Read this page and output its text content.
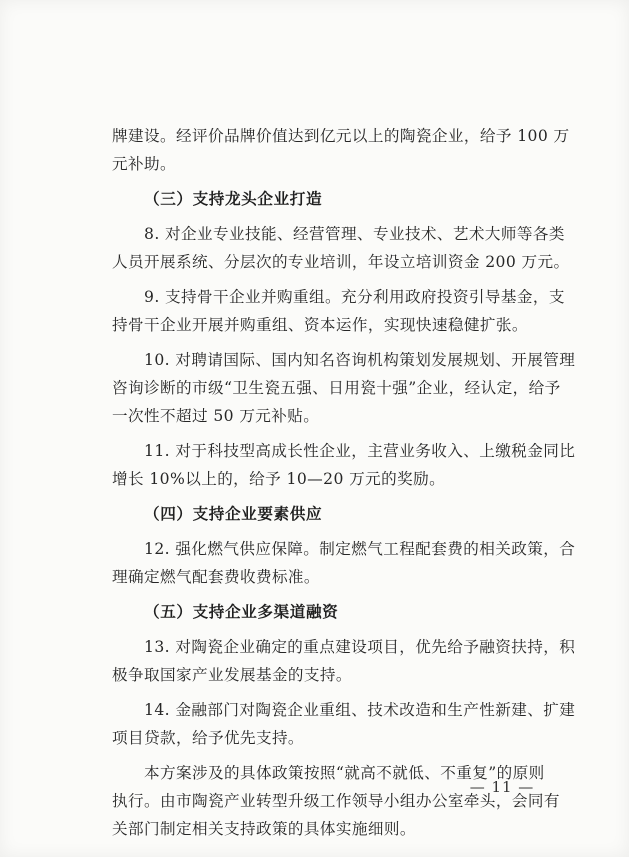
牌建设。经评价品牌价值达到亿元以上的陶瓷企业，给予 100 万
元补助。
（三）支持龙头企业打造
8. 对企业专业技能、经营管理、专业技术、艺术大师等各类
人员开展系统、分层次的专业培训，年设立培训资金 200 万元。
9. 支持骨干企业并购重组。充分利用政府投资引导基金，支
持骨干企业开展并购重组、资本运作，实现快速稳健扩张。
10. 对聘请国际、国内知名咨询机构策划发展规划、开展管理
咨询诊断的市级“卫生瓷五强、日用瓷十强”企业，经认定，给予
一次性不超过 50 万元补贴。
11. 对于科技型高成长性企业，主营业务收入、上缴税金同比
增长 10%以上的，给予 10—20 万元的奖励。
（四）支持企业要素供应
12. 强化燃气供应保障。制定燃气工程配套费的相关政策，合
理确定燃气配套费收费标准。
（五）支持企业多渠道融资
13. 对陶瓷企业确定的重点建设项目，优先给予融资扶持，积
极争取国家产业发展基金的支持。
14. 金融部门对陶瓷企业重组、技术改造和生产性新建、扩建
项目贷款，给予优先支持。
本方案涉及的具体政策按照“就高不就低、不重复”的原则
执行。由市陶瓷产业转型升级工作领导小组办公室牵头，会同有
关部门制定相关支持政策的具体实施细则。
— 11 —
